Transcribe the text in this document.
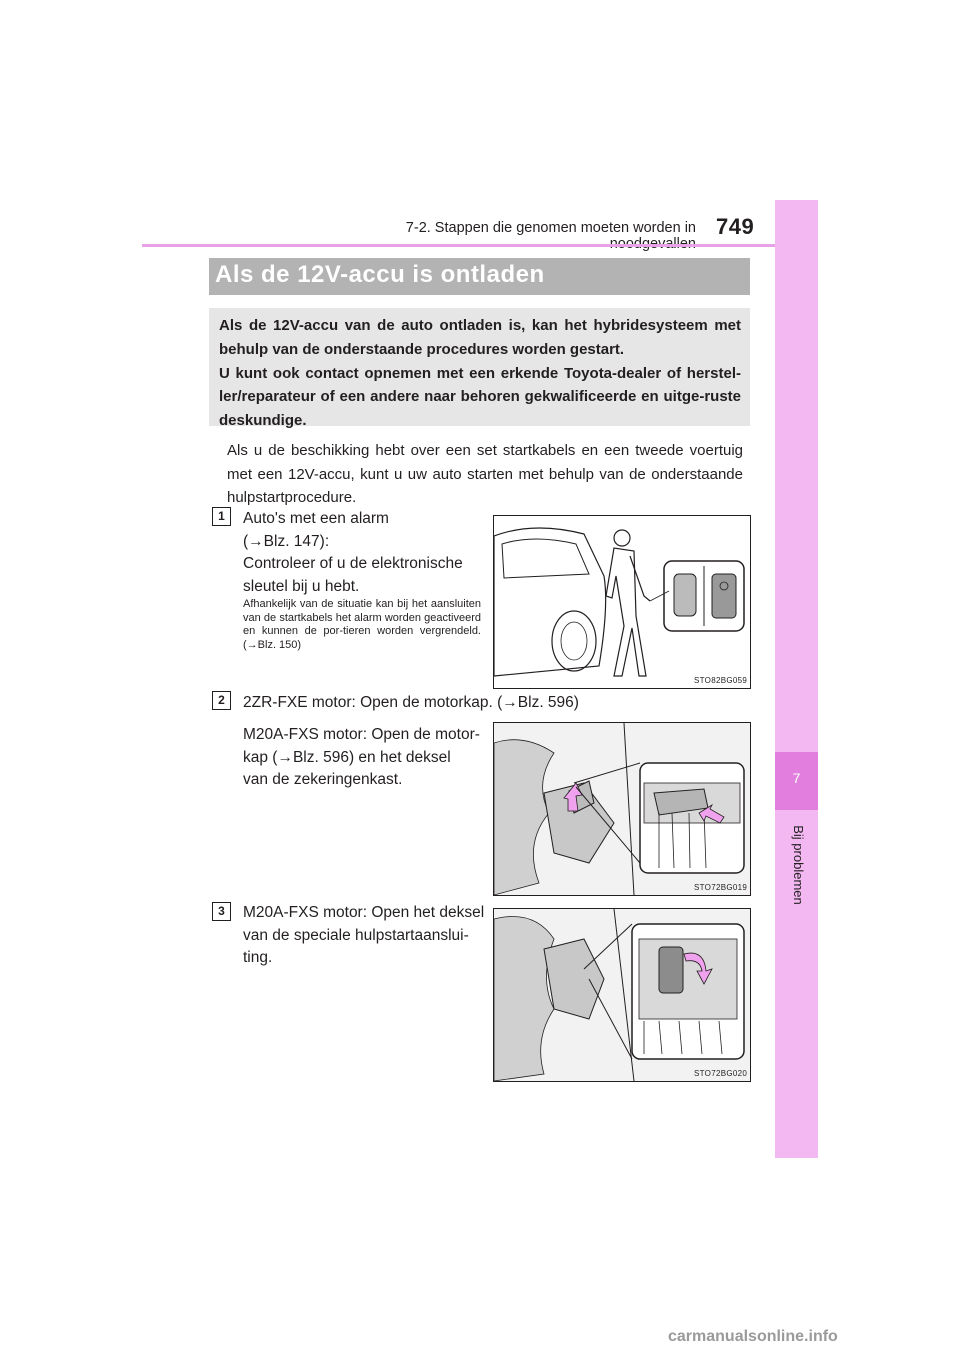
7-2. Stappen die genomen moeten worden in 749
7
Bij problemen
Als de 12V-accu is ontladen
Als de 12V-accu van de auto ontladen is, kan het hybridesysteem met behulp van de onderstaande procedures worden gestart.
U kunt ook contact opnemen met een erkende Toyota-dealer of herstel-ler/reparateur of een andere naar behoren gekwalificeerde en uitge-ruste deskundige.
Als u de beschikking hebt over een set startkabels en een tweede voertuig met een 12V-accu, kunt u uw auto starten met behulp van de onderstaande hulpstartprocedure.
1	Auto's met een alarm
(→Blz. 147):
Controleer of u de elektronische
sleutel bij u hebt.
Afhankelijk van de situatie kan bij het aansluiten van de startkabels het alarm worden geactiveerd en kunnen de por-tieren worden vergrendeld. (→Blz. 150)
STO82BG059
2	2ZR-FXE motor: Open de motorkap. (→Blz. 596)
M20A-FXS motor: Open de motor-
kap (→Blz. 596) en het deksel
van de zekeringenkast.
STO72BG019
3	M20A-FXS motor: Open het deksel
van de speciale hulpstartaansluі-
ting.
STO72BG020
carmanualsonline.info
